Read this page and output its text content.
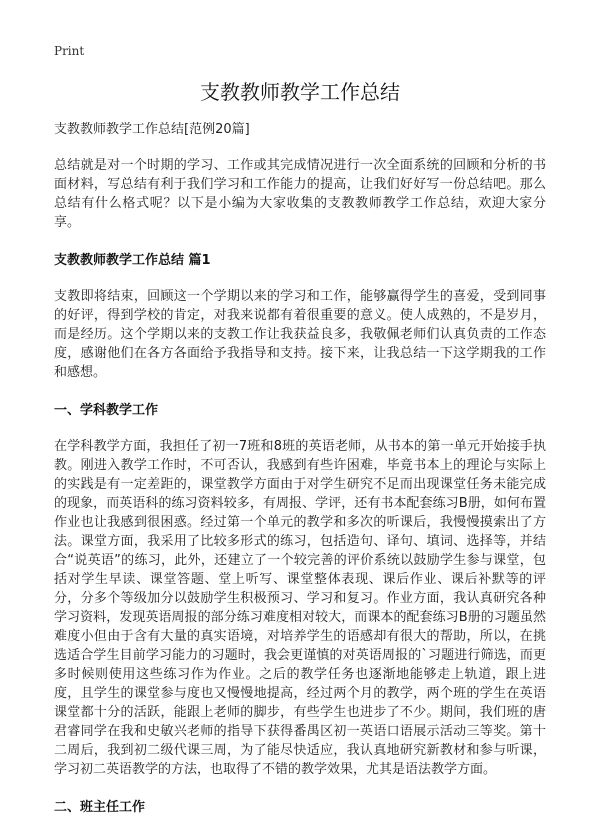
Print
支教教师教学工作总结

支教教师教学工作总结[范例20篇]

总结就是对一个时期的学习、工作或其完成情况进行一次全面系统的回顾和分析的书面材料，写总结有利于我们学习和工作能力的提高，让我们好好写一份总结吧。那么总结有什么格式呢？以下是小编为大家收集的支教教师教学工作总结，欢迎大家分享。

支教教师教学工作总结 篇1

支教即将结束，回顾这一个学期以来的学习和工作，能够赢得学生的喜爱，受到同事的好评，得到学校的肯定，对我来说都有着很重要的意义。使人成熟的，不是岁月，而是经历。这个学期以来的支教工作让我获益良多，我敬佩老师们认真负责的工作态度，感谢他们在各方各面给予我指导和支持。接下来，让我总结一下这学期我的工作和感想。

一、学科教学工作

在学科教学方面，我担任了初一7班和8班的英语老师，从书本的第一单元开始接手执教。刚进入教学工作时，不可否认，我感到有些许困难，毕竟书本上的理论与实际上的实践是有一定差距的，课堂教学方面由于对学生研究不足而出现课堂任务未能完成的现象，而英语科的练习资料较多，有周报、学评，还有书本配套练习B册，如何布置作业也让我感到很困惑。经过第一个单元的教学和多次的听课后，我慢慢摸索出了方法。课堂方面，我采用了比较多形式的练习，包括造句、译句、填词、选择等，并结合“说英语”的练习，此外，还建立了一个较完善的评价系统以鼓励学生参与课堂，包括对学生早读、课堂答题、堂上听写、课堂整体表现、课后作业、课后补默等的评分，分多个等级加分以鼓励学生积极预习、学习和复习。作业方面，我认真研究各种学习资料，发现英语周报的部分练习难度相对较大，而课本的配套练习B册的习题虽然难度小但由于含有大量的真实语境，对培养学生的语感却有很大的帮助，所以，在挑选适合学生目前学习能力的习题时，我会更谨慎的对英语周报的`习题进行筛选，而更多时候则使用这些练习作为作业。之后的教学任务也逐渐地能够走上轨道，跟上进度，且学生的课堂参与度也又慢慢地提高，经过两个月的教学，两个班的学生在英语课堂都十分的活跃，能跟上老师的脚步，有些学生也进步了不少。期间，我们班的唐君睿同学在我和史敏兴老师的指导下获得番禺区初一英语口语展示活动三等奖。第十二周后，我到初二级代课三周，为了能尽快适应，我认真地研究新教材和参与听课，学习初二英语教学的方法，也取得了不错的教学效果，尤其是语法教学方面。

二、班主任工作
